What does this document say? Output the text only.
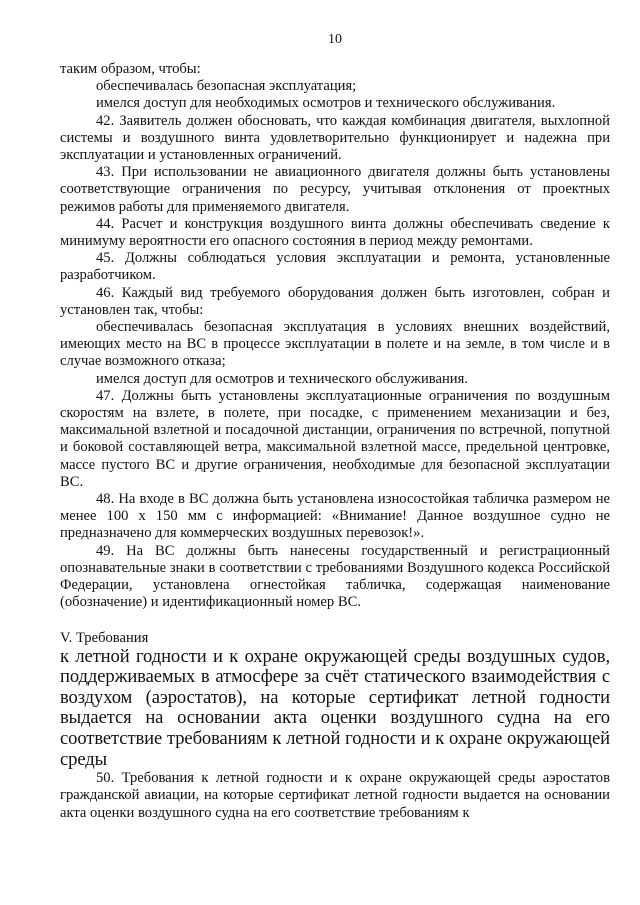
10

таким образом, чтобы:

обеспечивалась безопасная эксплуатация;

имелся доступ для необходимых осмотров и технического обслуживания.

42. Заявитель должен обосновать, что каждая комбинация двигателя, выхлопной системы и воздушного винта удовлетворительно функционирует и надежна при эксплуатации и установленных ограничений.

43. При использовании не авиационного двигателя должны быть установлены соответствующие ограничения по ресурсу, учитывая отклонения от проектных режимов работы для применяемого двигателя.

44. Расчет и конструкция воздушного винта должны обеспечивать сведение к минимуму вероятности его опасного состояния в период между ремонтами.

45. Должны соблюдаться условия эксплуатации и ремонта, установленные разработчиком.

46. Каждый вид требуемого оборудования должен быть изготовлен, собран и установлен так, чтобы:

обеспечивалась безопасная эксплуатация в условиях внешних воздействий, имеющих место на ВС в процессе эксплуатации в полете и на земле, в том числе и в случае возможного отказа;

имелся доступ для осмотров и технического обслуживания.

47. Должны быть установлены эксплуатационные ограничения по воздушным скоростям на взлете, в полете, при посадке, с применением механизации и без, максимальной взлетной и посадочной дистанции, ограничения по встречной, попутной и боковой составляющей ветра, максимальной взлетной массе, предельной центровке, массе пустого ВС и другие ограничения, необходимые для безопасной эксплуатации ВС.

48. На входе в ВС должна быть установлена износостойкая табличка размером не менее 100 x 150 мм с информацией: «Внимание! Данное воздушное судно не предназначено для коммерческих воздушных перевозок!».

49. На ВС должны быть нанесены государственный и регистрационный опознавательные знаки в соответствии с требованиями Воздушного кодекса Российской Федерации, установлена огнестойкая табличка, содержащая наименование (обозначение) и идентификационный номер ВС.

V. Требования

к летной годности и к охране окружающей среды воздушных судов, поддерживаемых в атмосфере за счёт статического взаимодействия с воздухом (аэростатов), на которые сертификат летной годности выдается на основании акта оценки воздушного судна на его соответствие требованиям к летной годности и к охране окружающей среды

50. Требования к летной годности и к охране окружающей среды аэростатов гражданской авиации, на которые сертификат летной годности выдается на основании акта оценки воздушного судна на его соответствие требованиям к
